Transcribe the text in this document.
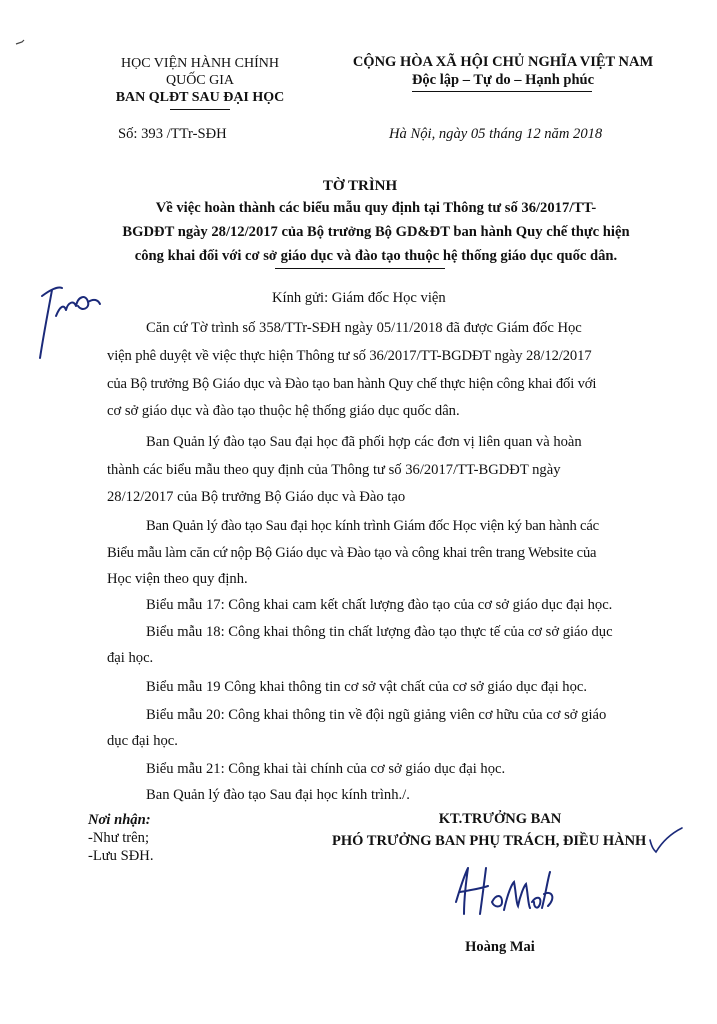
HỌC VIỆN HÀNH CHÍNH
QUỐC GIA
BAN QLĐT SAU ĐẠI HỌC
Số: 393 /TTr-SĐH
CỘNG HÒA XÃ HỘI CHỦ NGHĨA VIỆT NAM
Độc lập – Tự do – Hạnh phúc
Hà Nội, ngày 05 tháng 12 năm 2018
TỜ TRÌNH
Về việc hoàn thành các biểu mẫu quy định tại Thông tư số 36/2017/TT-
BGDĐT ngày 28/12/2017 của Bộ trưởng Bộ GD&ĐT ban hành Quy chế thực hiện
công khai đối với cơ sở giáo dục và đào tạo thuộc hệ thống giáo dục quốc dân.
Kính gửi: Giám đốc Học viện
Căn cứ Tờ trình số 358/TTr-SĐH ngày 05/11/2018 đã được Giám đốc Học
viện phê duyệt về việc thực hiện Thông tư số 36/2017/TT-BGDĐT ngày 28/12/2017
của Bộ trưởng Bộ Giáo dục và Đào tạo ban hành Quy chế thực hiện công khai đối với
cơ sở giáo dục và đào tạo thuộc hệ thống giáo dục quốc dân.
Ban Quản lý đào tạo Sau đại học đã phối hợp các đơn vị liên quan và hoàn
thành các biểu mẫu theo quy định của Thông tư số 36/2017/TT-BGDĐT ngày
28/12/2017 của Bộ trưởng Bộ Giáo dục và Đào tạo
Ban Quản lý đào tạo Sau đại học kính trình Giám đốc Học viện ký ban hành các
Biểu mẫu làm căn cứ nộp Bộ Giáo dục và Đào tạo và công khai trên trang Website của
Học viện theo quy định.
Biểu mẫu 17: Công khai cam kết chất lượng đào tạo của cơ sở giáo dục đại học.
Biểu mẫu 18: Công khai thông tin chất lượng đào tạo thực tế của cơ sở giáo dục
đại học.
Biểu mẫu 19 Công khai thông tin cơ sở vật chất của cơ sở giáo dục đại học.
Biểu mẫu 20: Công khai thông tin về đội ngũ giảng viên cơ hữu của cơ sở giáo
dục đại học.
Biểu mẫu 21: Công khai tài chính của cơ sở giáo dục đại học.
Ban Quản lý đào tạo Sau đại học kính trình./.
Nơi nhận:
-Như trên;
-Lưu SĐH.
KT.TRƯỞNG BAN
PHÓ TRƯỞNG BAN PHỤ TRÁCH, ĐIỀU HÀNH
Hoàng Mai
